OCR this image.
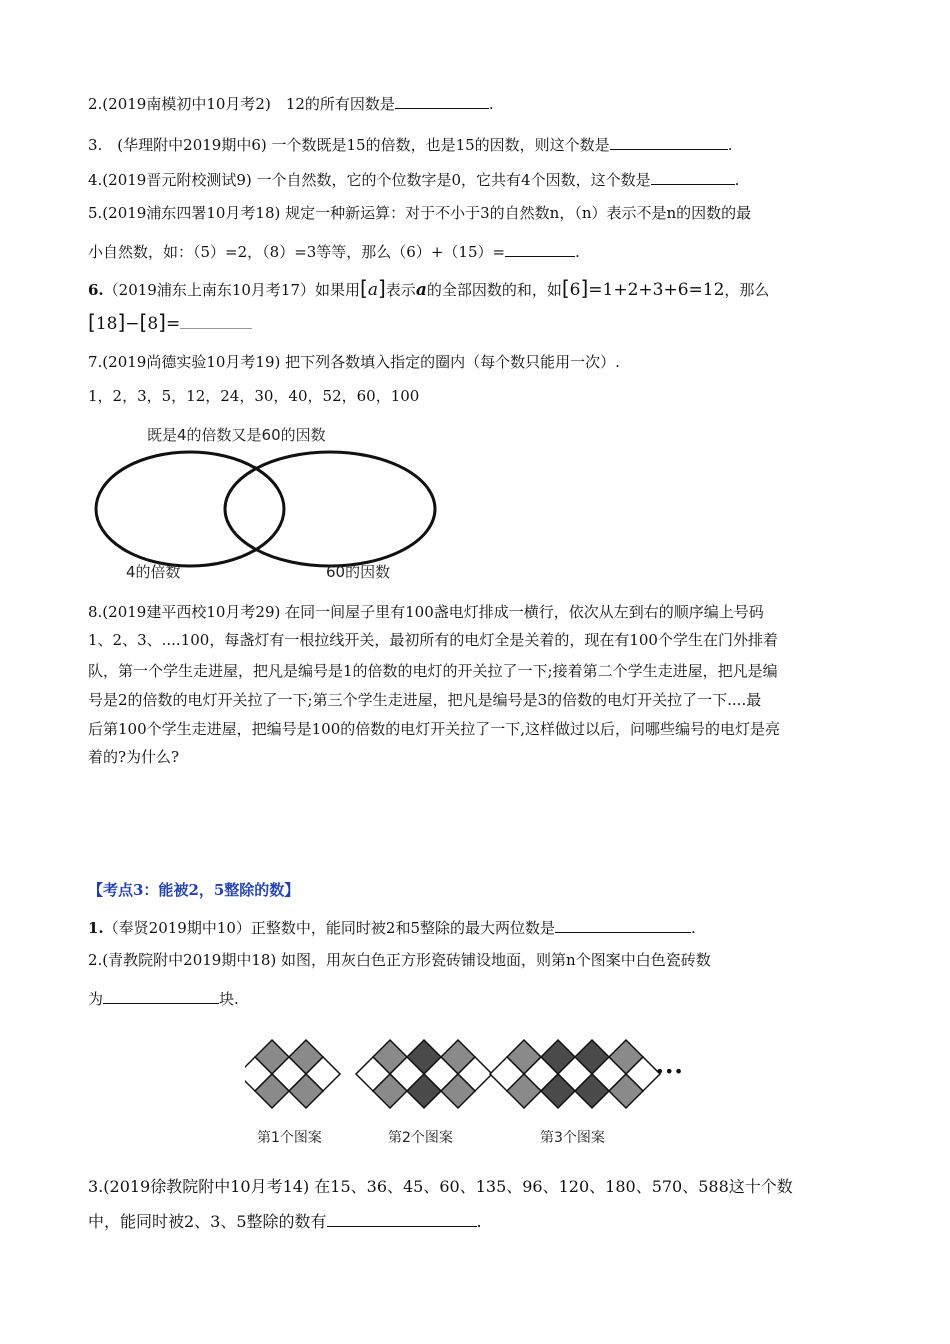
2.(2019南模初中10月考2)　12的所有因数是	.
3.　(华理附中2019期中6) 一个数既是15的倍数，也是15的因数，则这个数是	.
4.(2019晋元附校测试9) 一个自然数，它的个位数字是0，它共有4个因数，这个数是	.
5.(2019浦东四署10月考18) 规定一种新运算：对于不小于3的自然数n，（n）表示不是n的因数的最
小自然数，如：（5）=2，（8）=3等等，那么（6）+（15）=	.
6.（2019浦东上南东10月考17）如果用[a]表示a的全部因数的和，如[6]=1+2+3+6=12，那么
[18]−[8]=
7.(2019尚德实验10月考19) 把下列各数填入指定的圈内（每个数只能用一次）.
1，2，3，5，12，24，30，40，52，60，100
既是4的倍数又是60的因数
4的倍数	60的因数
8.(2019建平西校10月考29) 在同一间屋子里有100盏电灯排成一横行，依次从左到右的顺序编上号码
1、2、3、....100，每盏灯有一根拉线开关，最初所有的电灯全是关着的，现在有100个学生在门外排着
队，第一个学生走进屋，把凡是编号是1的倍数的电灯的开关拉了一下;接着第二个学生走进屋，把凡是编
号是2的倍数的电灯开关拉了一下;第三个学生走进屋，把凡是编号是3的倍数的电灯开关拉了一下....最
后第100个学生走进屋，把编号是100的倍数的电灯开关拉了一下,这样做过以后，问哪些编号的电灯是亮
着的?为什么?
【考点3：能被2，5整除的数】
1.（奉贤2019期中10）正整数中，能同时被2和5整除的最大两位数是	.
2.(青教院附中2019期中18) 如图，用灰白色正方形瓷砖铺设地面，则第n个图案中白色瓷砖数
为	块.
第1个图案	第2个图案	第3个图案
•••
3.(2019徐教院附中10月考14) 在15、36、45、60、135、96、120、180、570、588这十个数
中，能同时被2、3、5整除的数有	.
